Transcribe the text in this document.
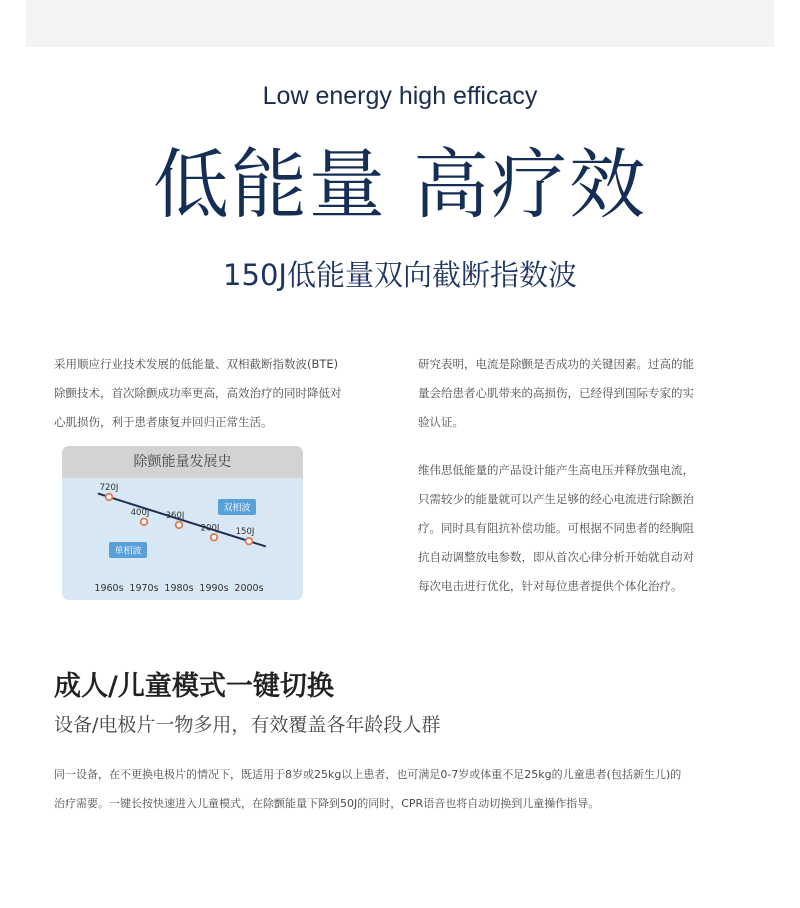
Low energy high efficacy
低能量 高疗效
150J低能量双向截断指数波
采用顺应行业技术发展的低能量、双相截断指数波(BTE)
除颤技术，首次除颤成功率更高，高效治疗的同时降低对
心肌损伤，利于患者康复并回归正常生活。
研究表明，电流是除颤是否成功的关键因素。过高的能
量会给患者心肌带来的高损伤，已经得到国际专家的实
验认证。
维伟思低能量的产品设计能产生高电压并释放强电流，
只需较少的能量就可以产生足够的经心电流进行除颤治
疗。同时具有阻抗补偿功能。可根据不同患者的经胸阻
抗自动调整放电参数，即从首次心律分析开始就自动对
每次电击进行优化，针对每位患者提供个体化治疗。
除颤能量发展史
1960s 1970s 1980s 1990s 2000s
720J
400J 360J
200J 150J
单相波
双相波
成人/儿童模式一键切换
设备/电极片一物多用，有效覆盖各年龄段人群
同一设备，在不更换电极片的情况下，既适用于8岁或25kg以上患者，也可满足0-7岁或体重不足25kg的儿童患者(包括新生儿)的
治疗需要。一键长按快速进入儿童模式，在除颤能量下降到50J的同时，CPR语音也将自动切换到儿童操作指导。
